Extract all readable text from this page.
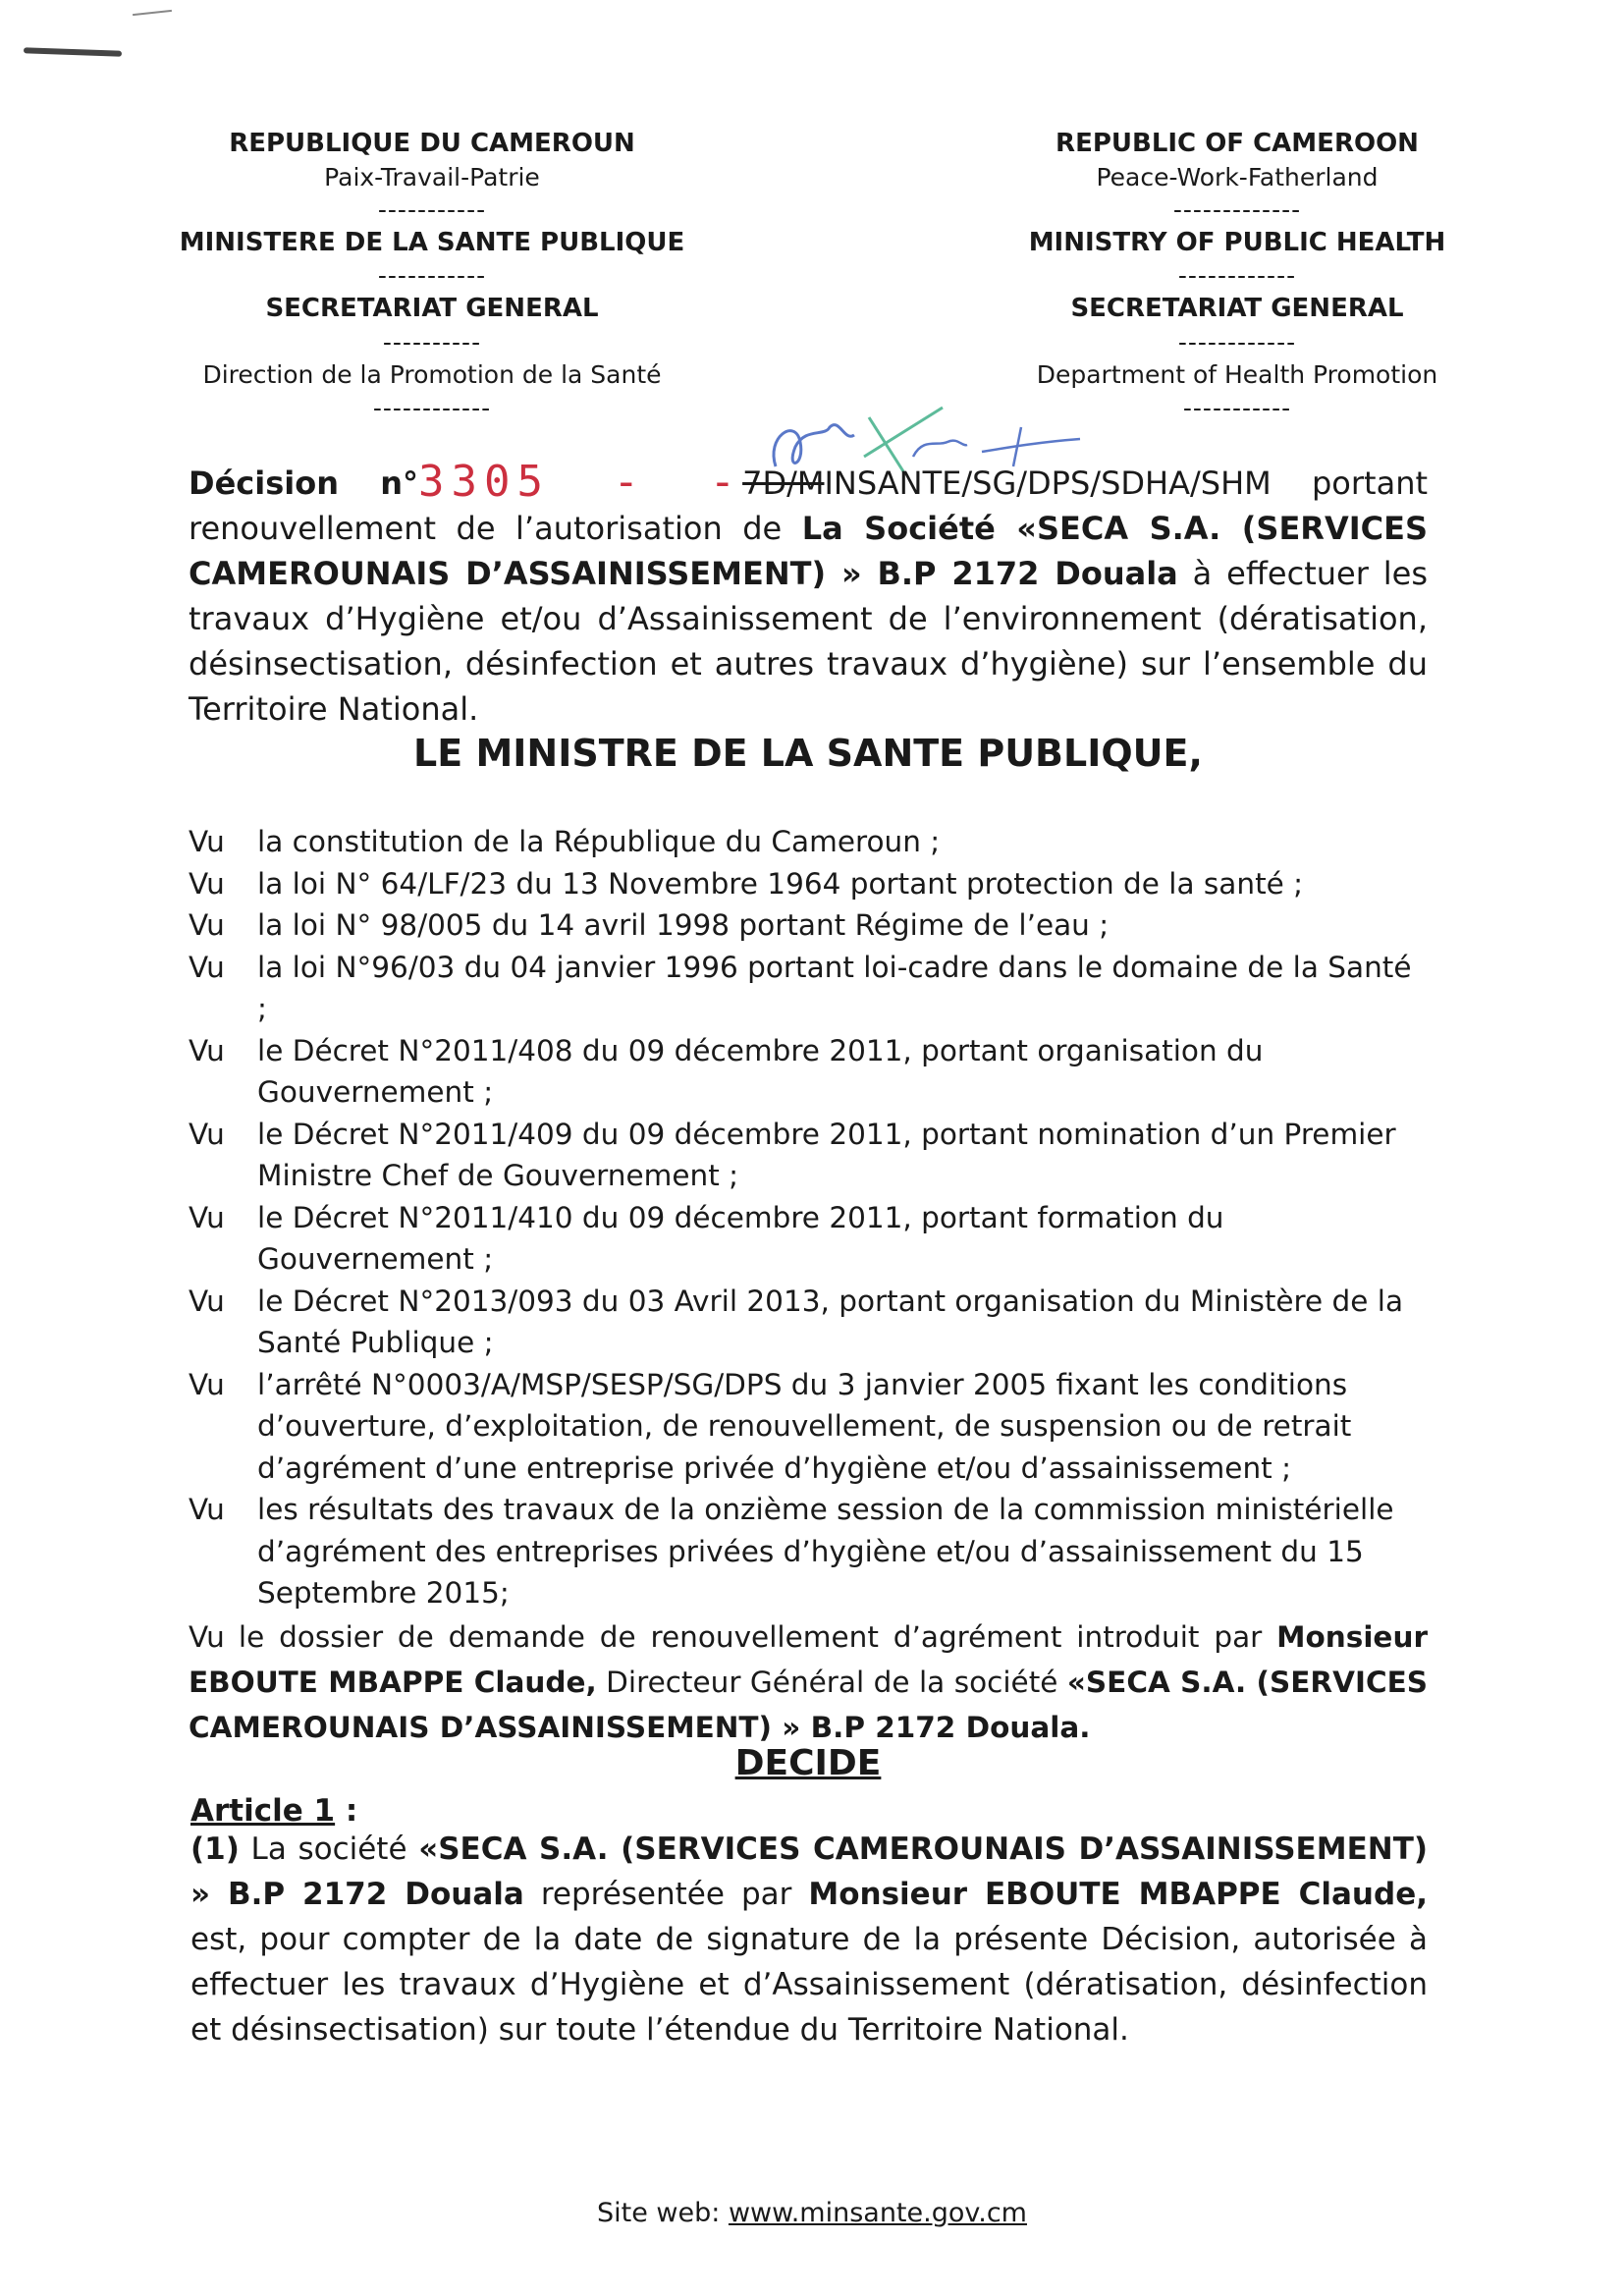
REPUBLIQUE DU CAMEROUN
Paix-Travail-Patrie
-----------
MINISTERE DE LA SANTE PUBLIQUE
-----------
SECRETARIAT GENERAL
----------
Direction de la Promotion de la Santé
------------
REPUBLIC OF CAMEROON
Peace-Work-Fatherland
-------------
MINISTRY OF PUBLIC HEALTH
------------
SECRETARIAT GENERAL
------------
Department of Health Promotion
-----------
Décision n°3305 - -7D/MINSANTE/SG/DPS/SDHA/SHM portant renouvellement de l’autorisation de La Société «SECA S.A. (SERVICES CAMEROUNAIS D’ASSAINISSEMENT) » B.P 2172 Douala à effectuer les travaux d’Hygiène et/ou d’Assainissement de l’environnement (dératisation, désinsectisation, désinfection et autres travaux d’hygiène) sur l’ensemble du Territoire National.
LE MINISTRE DE LA SANTE PUBLIQUE,
Vu la constitution de la République du Cameroun ;
Vu la loi N° 64/LF/23 du 13 Novembre 1964 portant protection de la santé ;
Vu la loi N° 98/005 du 14 avril 1998 portant Régime de l’eau ;
Vu la loi N°96/03 du 04 janvier 1996 portant loi-cadre dans le domaine de la Santé ;
Vu le Décret N°2011/408 du 09 décembre 2011, portant organisation du Gouvernement ;
Vu le Décret N°2011/409 du 09 décembre 2011, portant nomination d’un Premier Ministre Chef de Gouvernement ;
Vu le Décret N°2011/410 du 09 décembre 2011, portant formation du Gouvernement ;
Vu le Décret N°2013/093 du 03 Avril 2013, portant organisation du Ministère de la Santé Publique ;
Vu l’arrêté N°0003/A/MSP/SESP/SG/DPS du 3 janvier 2005 fixant les conditions d’ouverture, d’exploitation, de renouvellement, de suspension ou de retrait d’agrément d’une entreprise privée d’hygiène et/ou d’assainissement ;
Vu les résultats des travaux de la onzième session de la commission ministérielle d’agrément des entreprises privées d’hygiène et/ou d’assainissement du 15 Septembre 2015;
Vu le dossier de demande de renouvellement d’agrément introduit par Monsieur EBOUTE MBAPPE Claude, Directeur Général de la société «SECA S.A. (SERVICES CAMEROUNAIS D’ASSAINISSEMENT) » B.P 2172 Douala.
DECIDE
Article 1 :
(1) La société «SECA S.A. (SERVICES CAMEROUNAIS D’ASSAINISSEMENT) » B.P 2172 Douala représentée par Monsieur EBOUTE MBAPPE Claude, est, pour compter de la date de signature de la présente Décision, autorisée à effectuer les travaux d’Hygiène et d’Assainissement (dératisation, désinfection et désinsectisation) sur toute l’étendue du Territoire National.
Site web: www.minsante.gov.cm
